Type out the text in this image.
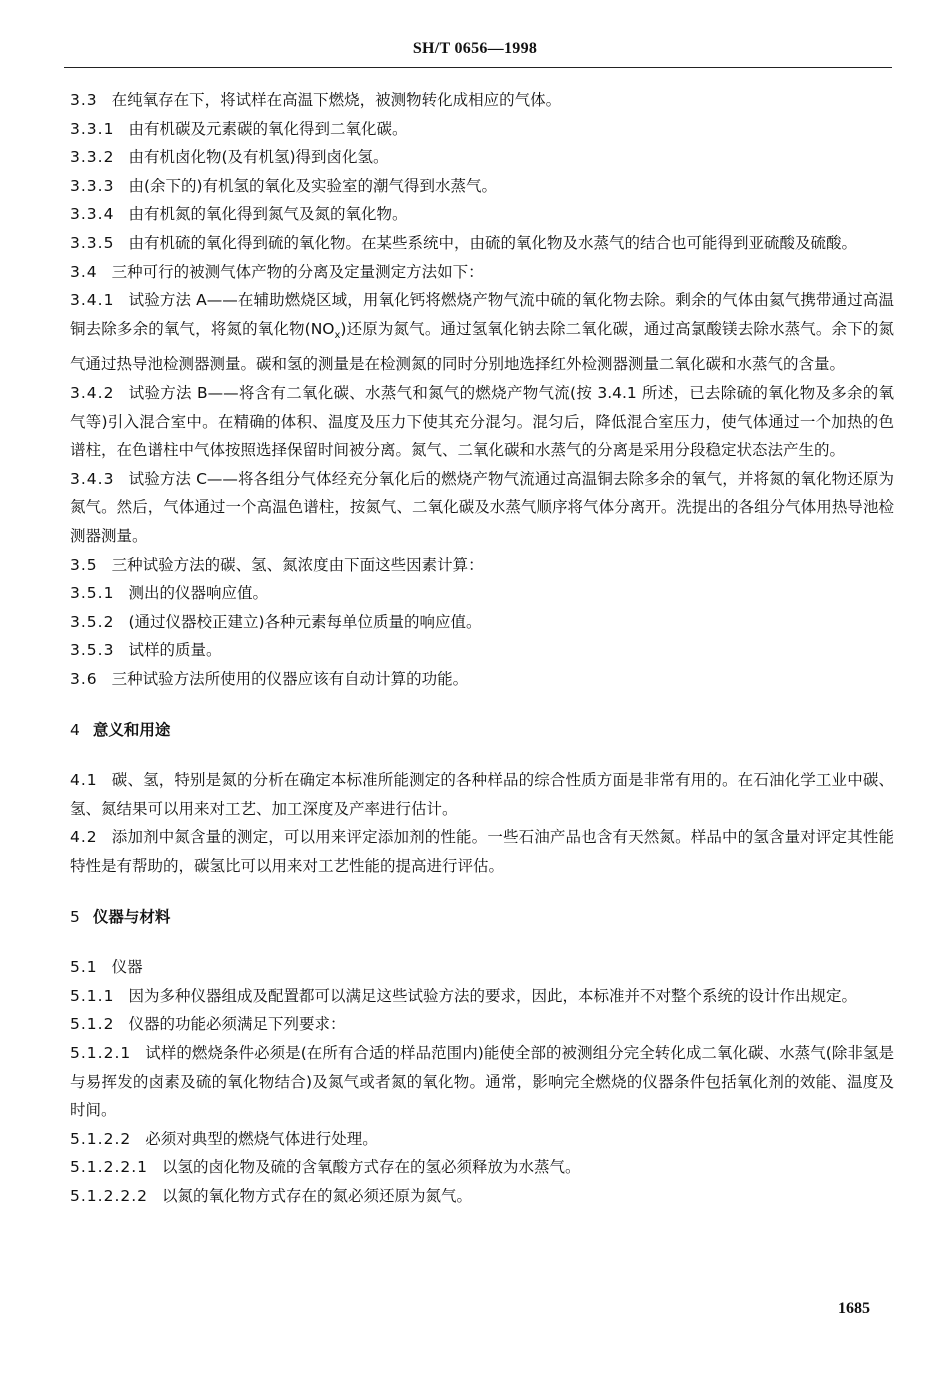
SH/T 0656—1998

3.3 在纯氧存在下，将试样在高温下燃烧，被测物转化成相应的气体。

3.3.1 由有机碳及元素碳的氧化得到二氧化碳。

3.3.2 由有机卤化物(及有机氢)得到卤化氢。

3.3.3 由(余下的)有机氢的氧化及实验室的潮气得到水蒸气。

3.3.4 由有机氮的氧化得到氮气及氮的氧化物。

3.3.5 由有机硫的氧化得到硫的氧化物。在某些系统中，由硫的氧化物及水蒸气的结合也可能得到亚硫酸及硫酸。

3.4 三种可行的被测气体产物的分离及定量测定方法如下：

3.4.1 试验方法 A——在辅助燃烧区域，用氧化钙将燃烧产物气流中硫的氧化物去除。剩余的气体由氦气携带通过高温铜去除多余的氧气，将氮的氧化物$(NO_x)$还原为氮气。通过氢氧化钠去除二氧化碳，通过高氯酸镁去除水蒸气。余下的氮气通过热导池检测器测量。碳和氢的测量是在检测氮的同时分别地选择红外检测器测量二氧化碳和水蒸气的含量。

3.4.2 试验方法 B——将含有二氧化碳、水蒸气和氮气的燃烧产物气流(按 3.4.1 所述，已去除硫的氧化物及多余的氧气等)引入混合室中。在精确的体积、温度及压力下使其充分混匀。混匀后，降低混合室压力，使气体通过一个加热的色谱柱，在色谱柱中气体按照选择保留时间被分离。氮气、二氧化碳和水蒸气的分离是采用分段稳定状态法产生的。

3.4.3 试验方法 C——将各组分气体经充分氧化后的燃烧产物气流通过高温铜去除多余的氧气，并将氮的氧化物还原为氮气。然后，气体通过一个高温色谱柱，按氮气、二氧化碳及水蒸气顺序将气体分离开。洗提出的各组分气体用热导池检测器测量。

3.5 三种试验方法的碳、氢、氮浓度由下面这些因素计算：

3.5.1 测出的仪器响应值。

3.5.2 (通过仪器校正建立)各种元素每单位质量的响应值。

3.5.3 试样的质量。

3.6 三种试验方法所使用的仪器应该有自动计算的功能。

4 意义和用途

4.1 碳、氢，特别是氮的分析在确定本标准所能测定的各种样品的综合性质方面是非常有用的。在石油化学工业中碳、氢、氮结果可以用来对工艺、加工深度及产率进行估计。

4.2 添加剂中氮含量的测定，可以用来评定添加剂的性能。一些石油产品也含有天然氮。样品中的氢含量对评定其性能特性是有帮助的，碳氢比可以用来对工艺性能的提高进行评估。

5 仪器与材料

5.1 仪器

5.1.1 因为多种仪器组成及配置都可以满足这些试验方法的要求，因此，本标准并不对整个系统的设计作出规定。

5.1.2 仪器的功能必须满足下列要求：

5.1.2.1 试样的燃烧条件必须是(在所有合适的样品范围内)能使全部的被测组分完全转化成二氧化碳、水蒸气(除非氢是与易挥发的卤素及硫的氧化物结合)及氮气或者氮的氧化物。通常，影响完全燃烧的仪器条件包括氧化剂的效能、温度及时间。

5.1.2.2 必须对典型的燃烧气体进行处理。

5.1.2.2.1 以氢的卤化物及硫的含氧酸方式存在的氢必须释放为水蒸气。

5.1.2.2.2 以氮的氧化物方式存在的氮必须还原为氮气。

1685
